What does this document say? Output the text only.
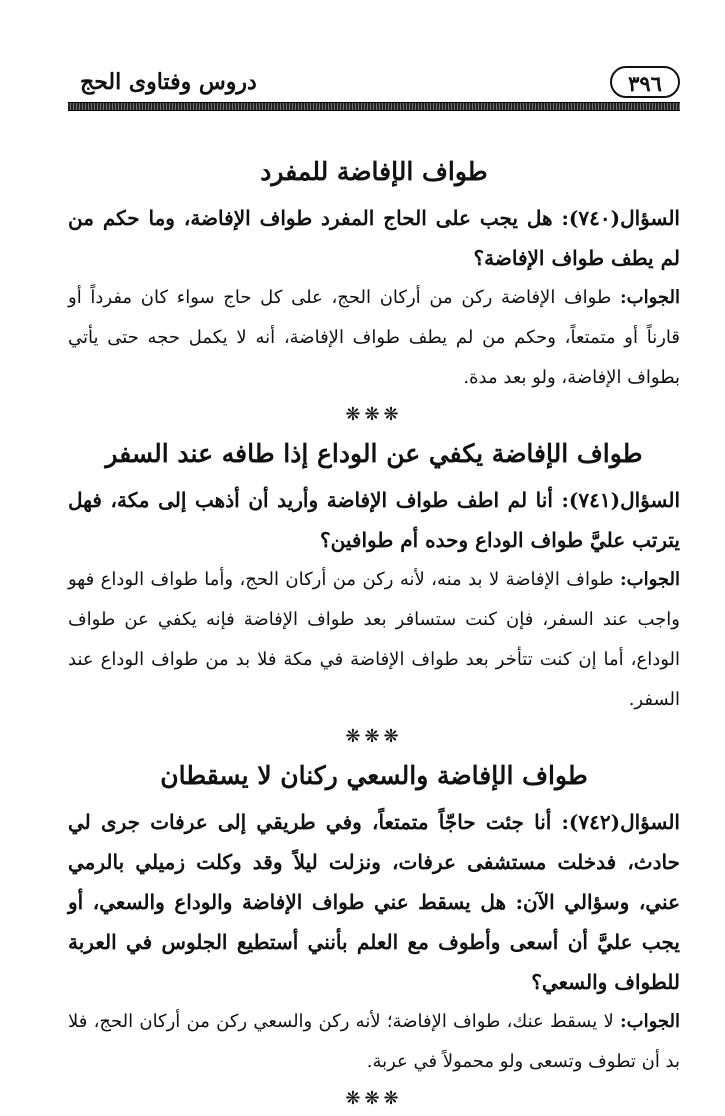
٣٩٦
دروس وفتاوى الحج
طواف الإفاضة للمفرد

السؤال(٧٤٠): هل يجب على الحاج المفرد طواف الإفاضة، وما حكم من لم يطف طواف الإفاضة؟

الجواب: طواف الإفاضة ركن من أركان الحج، على كل حاج سواء كان مفرداً أو قارناً أو متمتعاً، وحكم من لم يطف طواف الإفاضة، أنه لا يكمل حجه حتى يأتي بطواف الإفاضة، ولو بعد مدة.

❋❋❋

طواف الإفاضة يكفي عن الوداع إذا طافه عند السفر

السؤال(٧٤١): أنا لم اطف طواف الإفاضة وأريد أن أذهب إلى مكة، فهل يترتب عليَّ طواف الوداع وحده أم طوافين؟

الجواب: طواف الإفاضة لا بد منه، لأنه ركن من أركان الحج، وأما طواف الوداع فهو واجب عند السفر، فإن كنت ستسافر بعد طواف الإفاضة فإنه يكفي عن طواف الوداع، أما إن كنت تتأخر بعد طواف الإفاضة في مكة فلا بد من طواف الوداع عند السفر.

❋❋❋

طواف الإفاضة والسعي ركنان لا يسقطان

السؤال(٧٤٢): أنا جئت حاجّاً متمتعاً، وفي طريقي إلى عرفات جرى لي حادث، فدخلت مستشفى عرفات، ونزلت ليلاً وقد وكلت زميلي بالرمي عني، وسؤالي الآن: هل يسقط عني طواف الإفاضة والوداع والسعي، أو يجب عليَّ أن أسعى وأطوف مع العلم بأنني أستطيع الجلوس في العربة للطواف والسعي؟

الجواب: لا يسقط عنك، طواف الإفاضة؛ لأنه ركن والسعي ركن من أركان الحج، فلا بد أن تطوف وتسعى ولو محمولاً في عربة.

❋❋❋
